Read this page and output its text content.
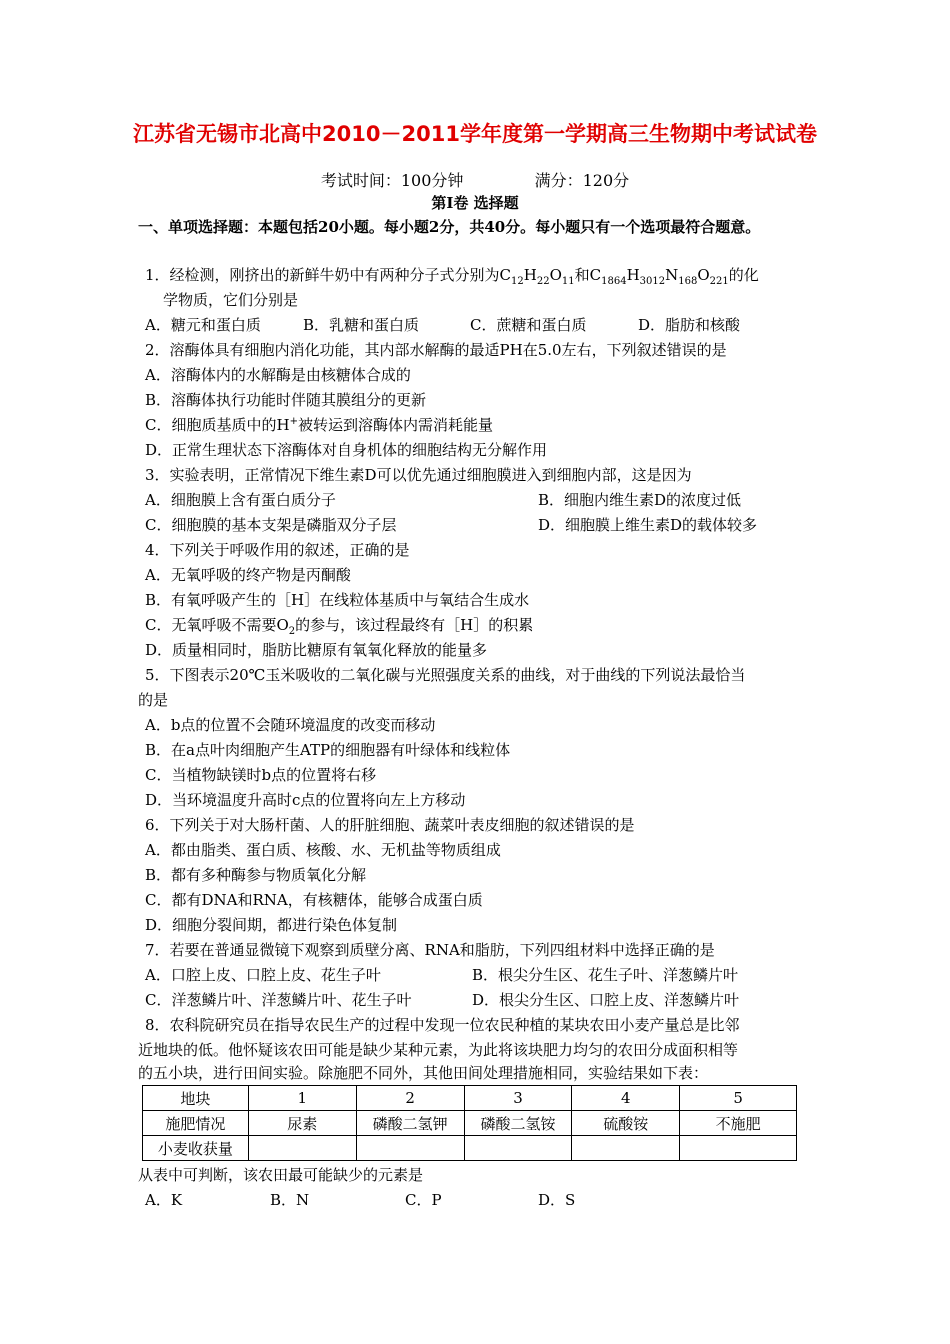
江苏省无锡市北高中2010－2011学年度第一学期高三生物期中考试试卷
考试时间：100分钟	满分：120分
第Ⅰ卷 选择题
一、单项选择题：本题包括20小题。每小题2分，共40分。每小题只有一个选项最符合题意。
1．经检测，刚挤出的新鲜牛奶中有两种分子式分别为$C_{12}H_{22}O_{11}$和$C_{1864}H_{3012}N_{168}O_{221}$的化
学物质，它们分别是
A．糖元和蛋白质	B．乳糖和蛋白质	C．蔗糖和蛋白质	D．脂肪和核酸
2．溶酶体具有细胞内消化功能，其内部水解酶的最适PH在5.0左右，下列叙述错误的是
A．溶酶体内的水解酶是由核糖体合成的
B．溶酶体执行功能时伴随其膜组分的更新
C．细胞质基质中的H+被转运到溶酶体内需消耗能量
D．正常生理状态下溶酶体对自身机体的细胞结构无分解作用
3．实验表明，正常情况下维生素D可以优先通过细胞膜进入到细胞内部，这是因为
A．细胞膜上含有蛋白质分子	B．细胞内维生素D的浓度过低
C．细胞膜的基本支架是磷脂双分子层	D．细胞膜上维生素D的载体较多
4．下列关于呼吸作用的叙述，正确的是
A．无氧呼吸的终产物是丙酮酸
B．有氧呼吸产生的［H］在线粒体基质中与氧结合生成水
C．无氧呼吸不需要$O_2$的参与，该过程最终有［H］的积累
D．质量相同时，脂肪比糖原有氧氧化释放的能量多
5．下图表示20℃玉米吸收的二氧化碳与光照强度关系的曲线，对于曲线的下列说法最恰当
的是
A．b点的位置不会随环境温度的改变而移动
B．在a点叶肉细胞产生ATP的细胞器有叶绿体和线粒体
C．当植物缺镁时b点的位置将右移
D．当环境温度升高时c点的位置将向左上方移动
6．下列关于对大肠杆菌、人的肝脏细胞、蔬菜叶表皮细胞的叙述错误的是
A．都由脂类、蛋白质、核酸、水、无机盐等物质组成
B．都有多种酶参与物质氧化分解
C．都有DNA和RNA，有核糖体，能够合成蛋白质
D．细胞分裂间期，都进行染色体复制
7．若要在普通显微镜下观察到质壁分离、RNA和脂肪，下列四组材料中选择正确的是
A．口腔上皮、口腔上皮、花生子叶	B．根尖分生区、花生子叶、洋葱鳞片叶
C．洋葱鳞片叶、洋葱鳞片叶、花生子叶	D．根尖分生区、口腔上皮、洋葱鳞片叶
8．农科院研究员在指导农民生产的过程中发现一位农民种植的某块农田小麦产量总是比邻
近地块的低。他怀疑该农田可能是缺少某种元素，为此将该块肥力均匀的农田分成面积相等
的五小块，进行田间实验。除施肥不同外，其他田间处理措施相同，实验结果如下表：
地块	1	2	3	4	5
施肥情况	尿素	磷酸二氢钾	磷酸二氢铵	硫酸铵	不施肥
小麦收获量					
从表中可判断，该农田最可能缺少的元素是
A．K	B．N	C．P	D．S
